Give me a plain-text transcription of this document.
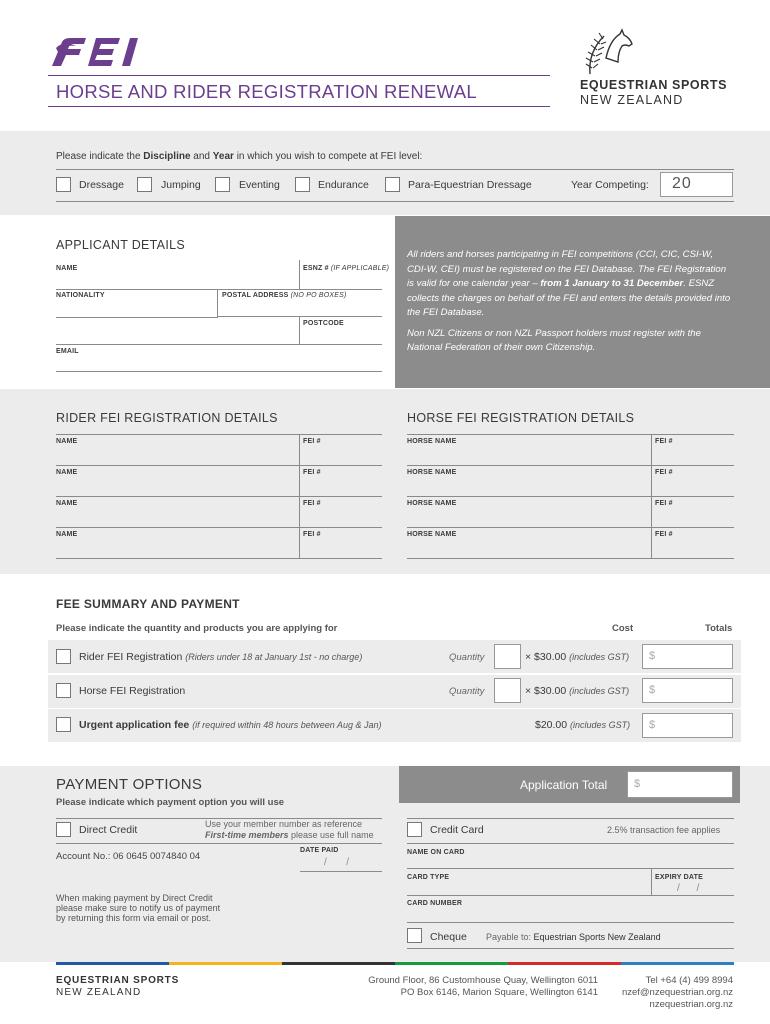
HORSE AND RIDER REGISTRATION RENEWAL	EQUESTRIAN SPORTS
NEW ZEALAND
Please indicate the Discipline and Year in which you wish to compete at FEI level:
Dressage	Jumping	Eventing	Endurance	Para-Equestrian Dressage	Year Competing: 20
APPLICANT DETAILS
NAME	ESNZ # (IF APPLICABLE)
NATIONALITY	POSTAL ADDRESS (NO PO BOXES)
POSTCODE
EMAIL

All riders and horses participating in FEI competitions (CCI, CIC, CSI-W, CDI-W, CEI) must be registered on the FEI Database. The FEI Registration is valid for one calendar year – from 1 January to 31 December. ESNZ collects the charges on behalf of the FEI and enters the details provided into the FEI Database.

Non NZL Citizens or non NZL Passport holders must register with the National Federation of their own Citizenship.

RIDER FEI REGISTRATION DETAILS	HORSE FEI REGISTRATION DETAILS
NAME	FEI #
NAME	FEI #
NAME	FEI #
NAME	FEI #
HORSE NAME	FEI #
HORSE NAME	FEI #
HORSE NAME	FEI #
HORSE NAME	FEI #
FEE SUMMARY AND PAYMENT
Please indicate the quantity and products you are applying for	Cost	Totals
Rider FEI Registration (Riders under 18 at January 1st - no charge)	Quantity	× $30.00 (includes GST) $
Horse FEI Registration	Quantity	× $30.00 (includes GST) $
Urgent application fee (if required within 48 hours between Aug & Jan)	$20.00 (includes GST) $
PAYMENT OPTIONS
Please indicate which payment option you will use
Application Total $
Direct Credit	Use your member number as reference
First-time members please use full name
Account No.: 06 0645 0074840 04
DATE PAID
/       /
When making payment by Direct Credit
please make sure to notify us of payment
by returning this form via email or post.
Credit Card	2.5% transaction fee applies
NAME ON CARD
CARD TYPE	EXPIRY DATE
/      /
CARD NUMBER
Cheque Payable to: Equestrian Sports New Zealand
EQUESTRIAN SPORTS
NEW ZEALAND
Ground Floor, 86 Customhouse Quay, Wellington 6011
PO Box 6146, Marion Square, Wellington 6141
Tel +64 (4) 499 8994
nzef@nzequestrian.org.nz
nzequestrian.org.nz
